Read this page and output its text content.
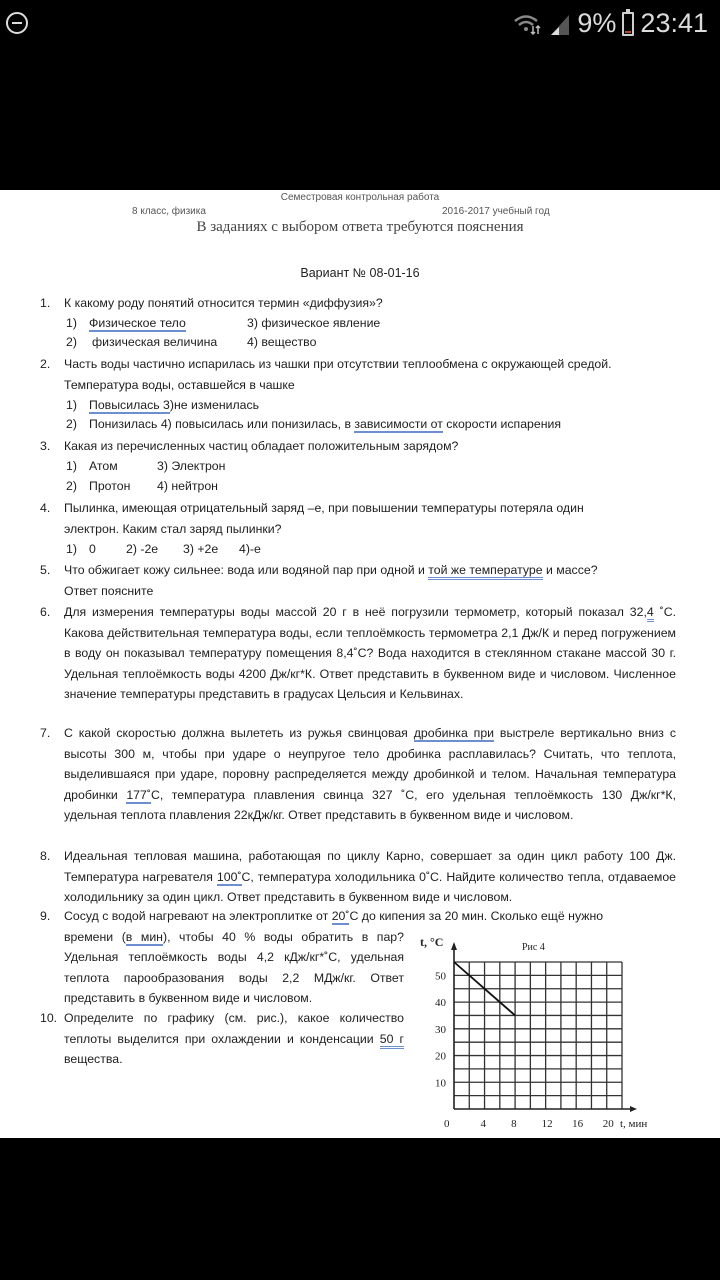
9% 23:41
Семестровая контрольная работа
8 класс, физика	2016-2017 учебный год
В заданиях с выбором ответа требуются пояснения
Вариант № 08-01-16
1. К какому роду понятий относится термин «диффузия»?
1) Физическое тело	3) физическое явление
2) физическая величина 4) вещество
2. Часть воды частично испарилась из чашки при отсутствии теплообмена с окружающей средой.
Температура воды, оставшейся в чашке
1) Повысилась 3)не изменилась
2) Понизилась 4) повысилась или понизилась, в зависимости от скорости испарения
3. Какая из перечисленных частиц обладает положительным зарядом?
1) Атом	3) Электрон
2) Протон 4) нейтрон
4. Пылинка, имеющая отрицательный заряд –е, при повышении температуры потеряла один
электрон. Каким стал заряд пылинки?
1) 0 2) -2е 3) +2е 4)-е
5. Что обжигает кожу сильнее: вода или водяной пар при одной и той же температуре и массе?
Ответ поясните
6. Для измерения температуры воды массой 20 г в неё погрузили термометр, который показал 32,4 ˚С. Какова действительная температура воды, если теплоёмкость термометра 2,1 Дж/К и перед погружением в воду он показывал температуру помещения 8,4˚С? Вода находится в стеклянном стакане массой 30 г. Удельная теплоёмкость воды 4200 Дж/кг*К. Ответ представить в буквенном виде и числовом. Численное значение температуры представить в градусах Цельсия и Кельвинах.
7. С какой скоростью должна вылететь из ружья свинцовая дробинка при выстреле вертикально вниз с высоты 300 м, чтобы при ударе о неупругое тело дробинка расплавилась? Считать, что теплота, выделившаяся при ударе, поровну распределяется между дробинкой и телом. Начальная температура дробинки 177˚С, температура плавления свинца 327 ˚С, его удельная теплоёмкость 130 Дж/кг*К, удельная теплота плавления 22кДж/кг. Ответ представить в буквенном виде и числовом.
8. Идеальная тепловая машина, работающая по циклу Карно, совершает за один цикл работу 100 Дж. Температура нагревателя 100˚С, температура холодильника 0˚С. Найдите количество тепла, отдаваемое холодильнику за один цикл. Ответ представить в буквенном виде и числовом.
9. Сосуд с водой нагревают на электроплитке от 20˚С до кипения за 20 мин. Сколько ещё нужно
времени (в мин), чтобы 40 % воды обратить в пар? Удельная теплоёмкость воды 4,2 кДж/кг*˚С, удельная теплота парообразования воды 2,2 МДж/кг. Ответ представить в буквенном виде и числовом.
10. Определите по графику (см. рис.), какое количество теплоты выделится при охлаждении и конденсации 50 г вещества.
Рис 4
t, °С
t, мин
0	4 8 12 16 20
10
20
30
40
50
